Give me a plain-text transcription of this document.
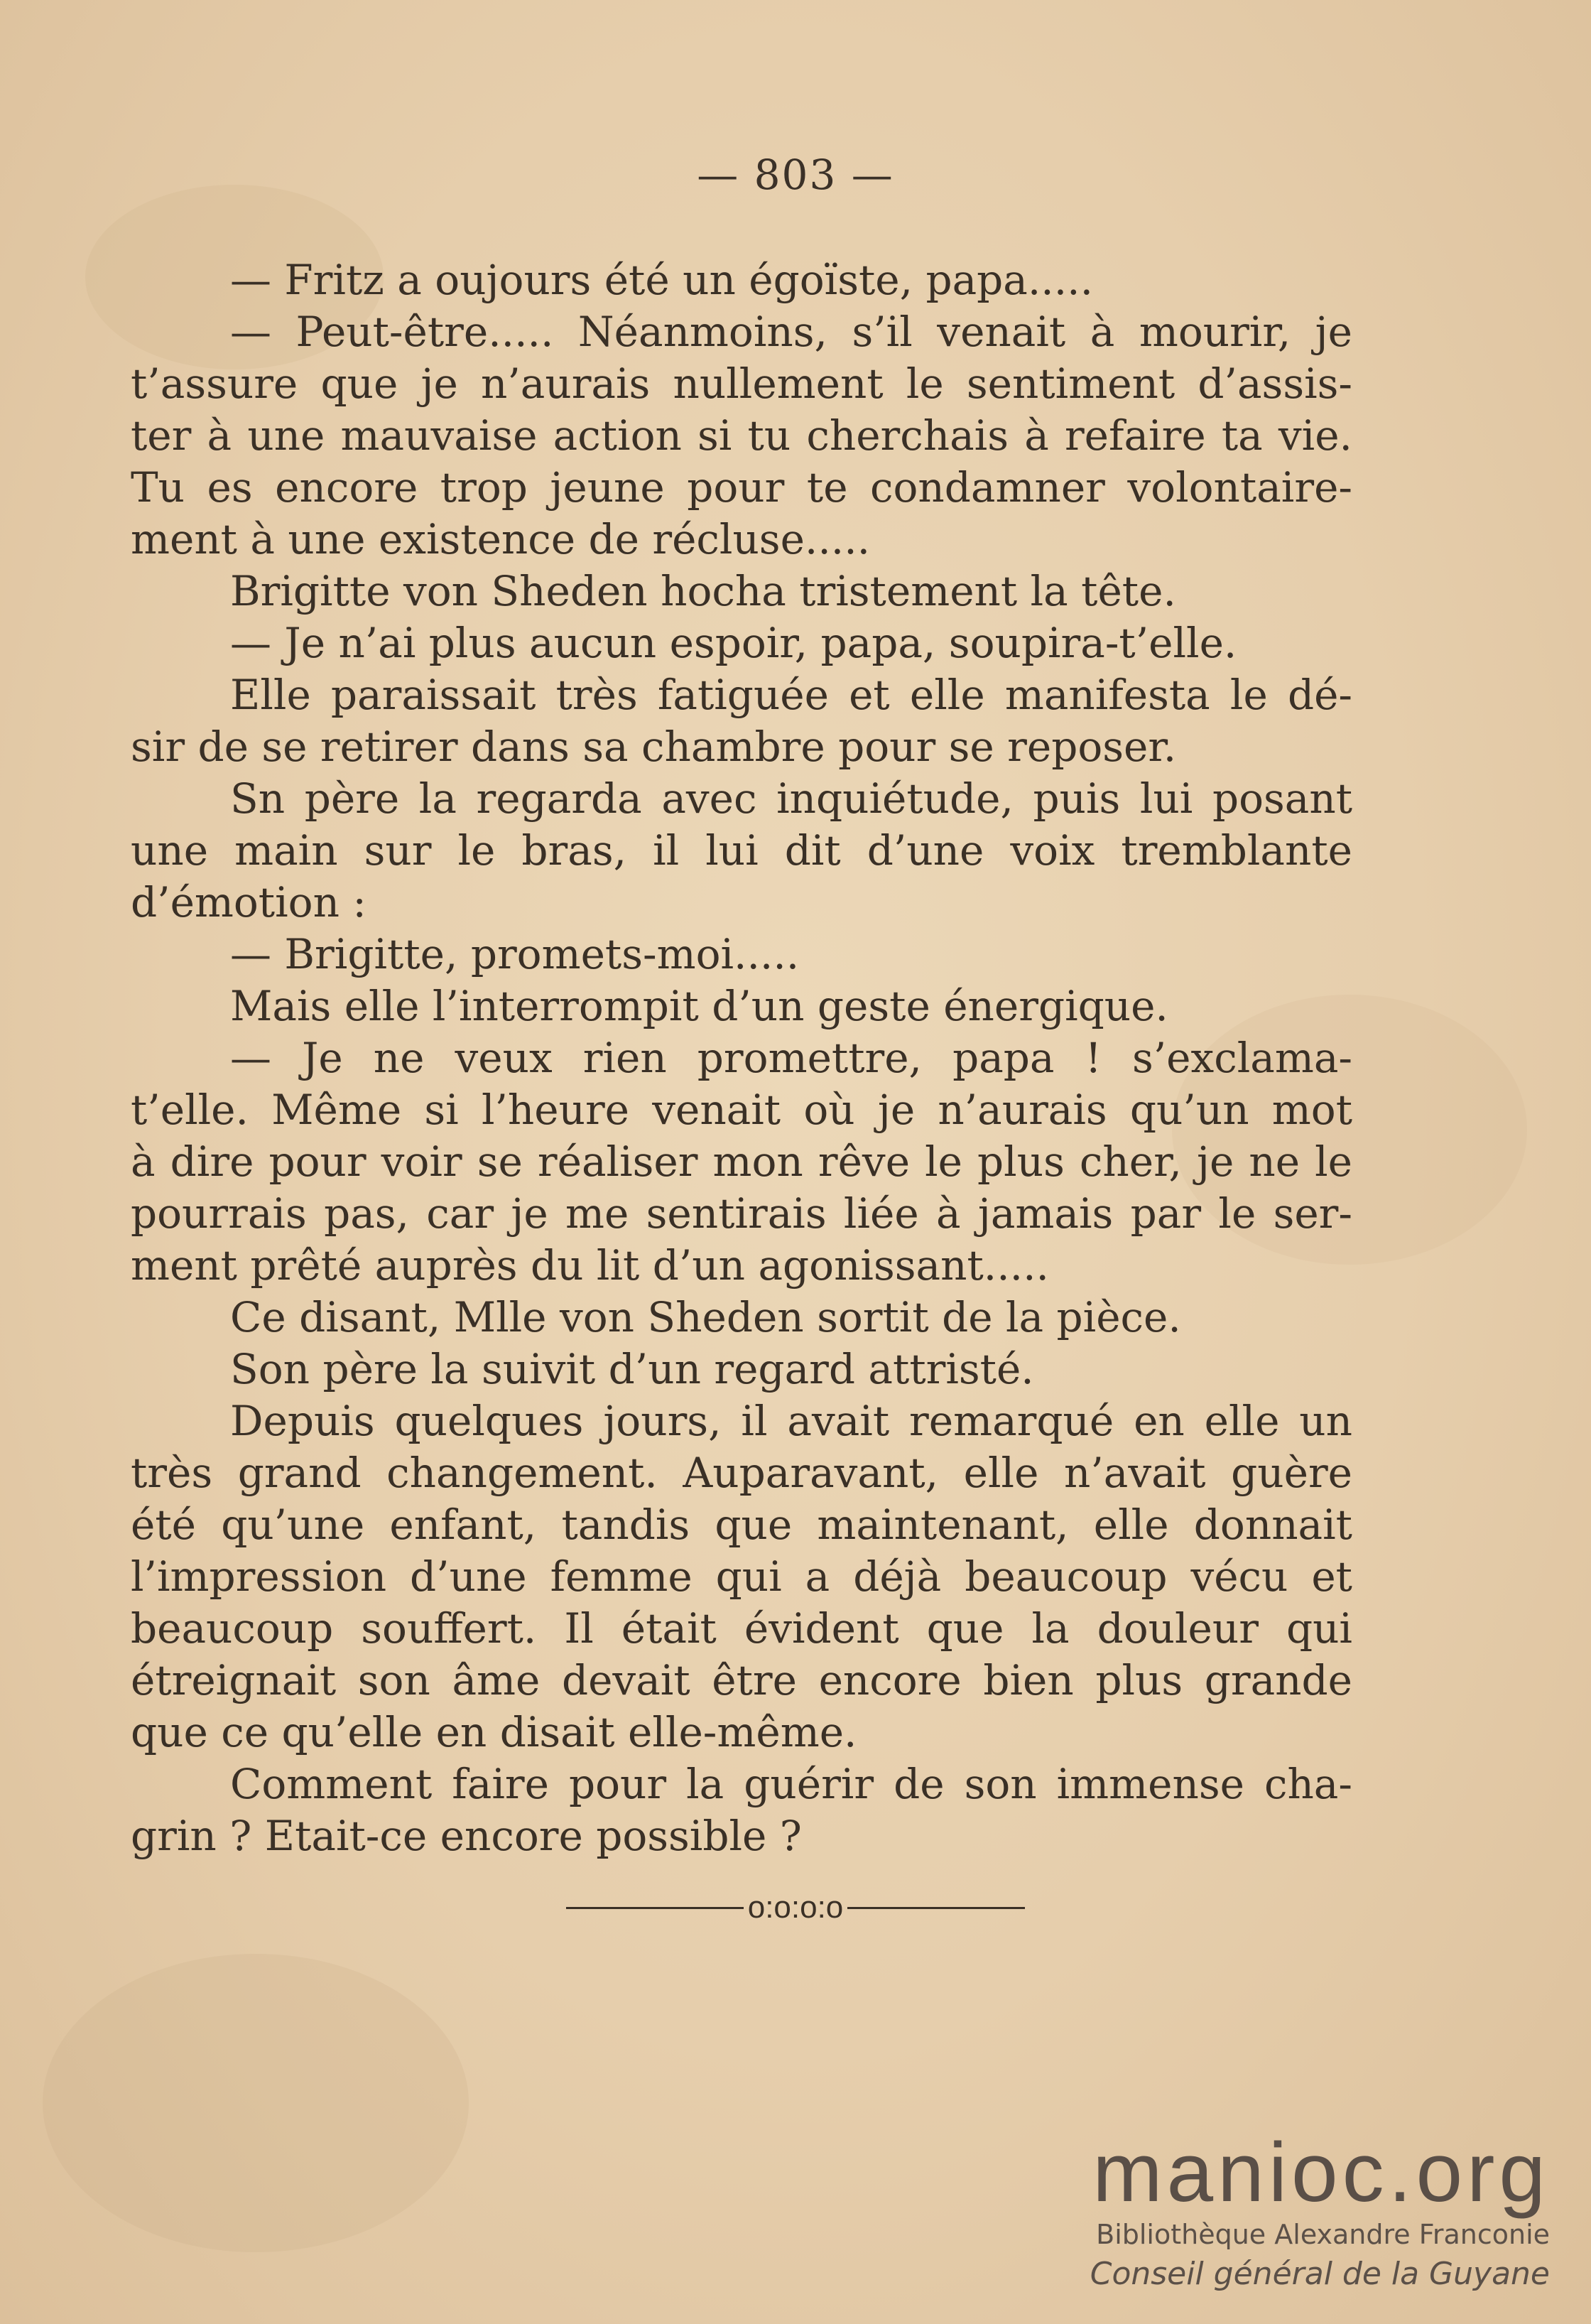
— 803 —
— Fritz a oujours été un égoïste, papa.....
— Peut-être..... Néanmoins, s’il venait à mourir, je
t’assure que je n’aurais nullement le sentiment d’assis-
ter à une mauvaise action si tu cherchais à refaire ta vie.
Tu es encore trop jeune pour te condamner volontaire-
ment à une existence de récluse.....
Brigitte von Sheden hocha tristement la tête.
— Je n’ai plus aucun espoir, papa, soupira-t’elle.
Elle paraissait très fatiguée et elle manifesta le dé-
sir de se retirer dans sa chambre pour se reposer.
Sn père la regarda avec inquiétude, puis lui posant
une main sur le bras, il lui dit d’une voix tremblante
d’émotion :
— Brigitte, promets-moi.....
Mais elle l’interrompit d’un geste énergique.
— Je ne veux rien promettre, papa ! s’exclama-
t’elle. Même si l’heure venait où je n’aurais qu’un mot
à dire pour voir se réaliser mon rêve le plus cher, je ne le
pourrais pas, car je me sentirais liée à jamais par le ser-
ment prêté auprès du lit d’un agonissant.....
Ce disant, Mlle von Sheden sortit de la pièce.
Son père la suivit d’un regard attristé.
Depuis quelques jours, il avait remarqué en elle un
très grand changement. Auparavant, elle n’avait guère
été qu’une enfant, tandis que maintenant, elle donnait
l’impression d’une femme qui a déjà beaucoup vécu et
beaucoup souffert. Il était évident que la douleur qui
étreignait son âme devait être encore bien plus grande
que ce qu’elle en disait elle-même.
Comment faire pour la guérir de son immense cha-
grin ? Etait-ce encore possible ?
o:o:o:o
manioc.org
Bibliothèque Alexandre Franconie
Conseil général de la Guyane
